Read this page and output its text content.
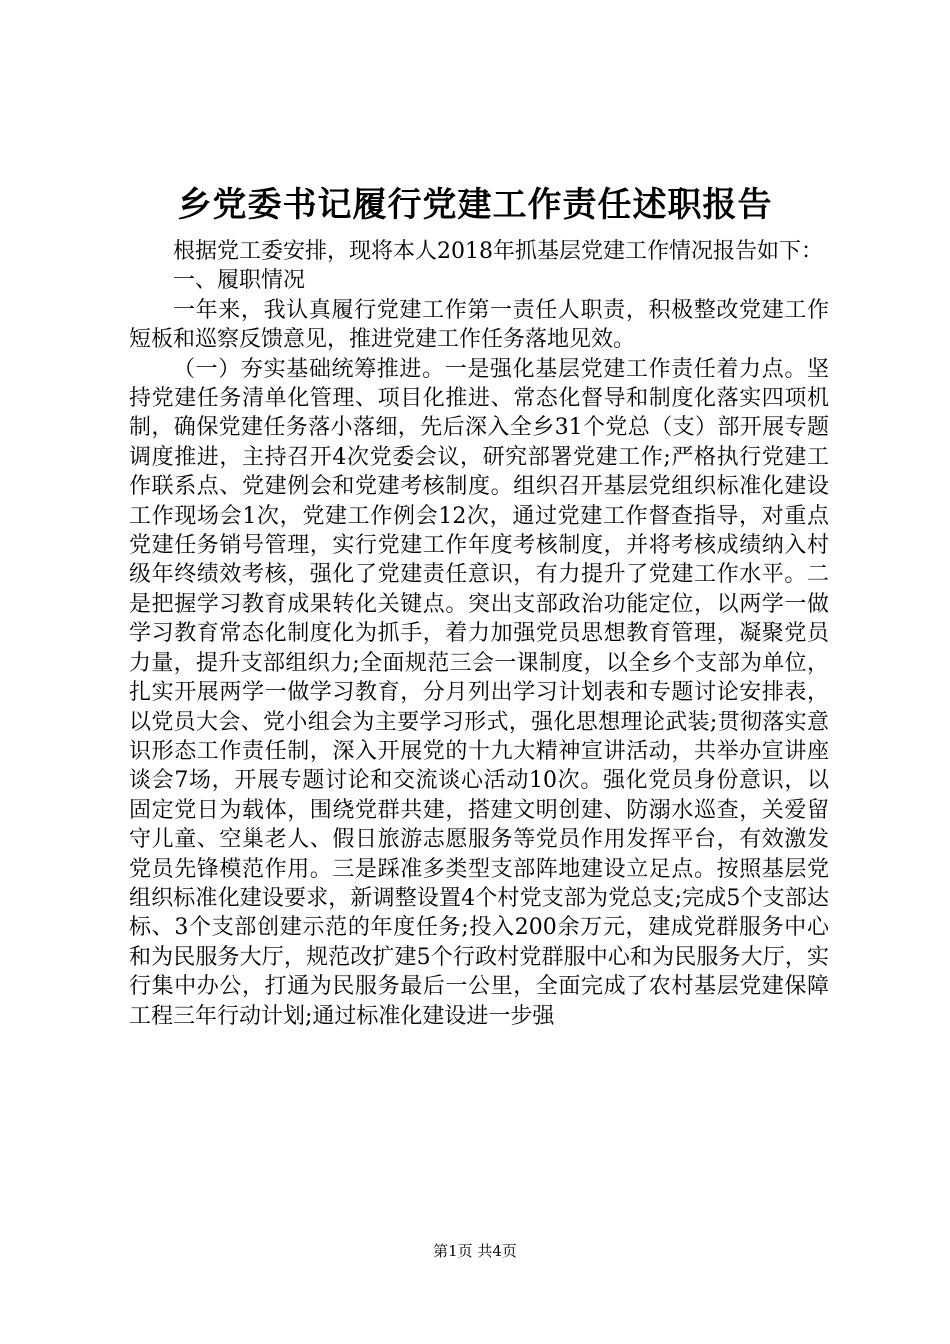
乡党委书记履行党建工作责任述职报告

根据党工委安排，现将本人2018年抓基层党建工作情况报告如下：

一、履职情况

一年来，我认真履行党建工作第一责任人职责，积极整改党建工作短板和巡察反馈意见，推进党建工作任务落地见效。

（一）夯实基础统筹推进。一是强化基层党建工作责任着力点。坚持党建任务清单化管理、项目化推进、常态化督导和制度化落实四项机制，确保党建任务落小落细，先后深入全乡31个党总（支）部开展专题调度推进，主持召开4次党委会议，研究部署党建工作;严格执行党建工作联系点、党建例会和党建考核制度。组织召开基层党组织标准化建设工作现场会1次，党建工作例会12次，通过党建工作督查指导，对重点党建任务销号管理，实行党建工作年度考核制度，并将考核成绩纳入村级年终绩效考核，强化了党建责任意识，有力提升了党建工作水平。二是把握学习教育成果转化关键点。突出支部政治功能定位，以两学一做学习教育常态化制度化为抓手，着力加强党员思想教育管理，凝聚党员力量，提升支部组织力;全面规范三会一课制度，以全乡个支部为单位，扎实开展两学一做学习教育，分月列出学习计划表和专题讨论安排表，以党员大会、党小组会为主要学习形式，强化思想理论武装;贯彻落实意识形态工作责任制，深入开展党的十九大精神宣讲活动，共举办宣讲座谈会7场，开展专题讨论和交流谈心活动10次。强化党员身份意识，以固定党日为载体，围绕党群共建，搭建文明创建、防溺水巡查，关爱留守儿童、空巢老人、假日旅游志愿服务等党员作用发挥平台，有效激发党员先锋模范作用。三是踩准多类型支部阵地建设立足点。按照基层党组织标准化建设要求，新调整设置4个村党支部为党总支;完成5个支部达标、3个支部创建示范的年度任务;投入200余万元，建成党群服务中心和为民服务大厅，规范改扩建5个行政村党群服中心和为民服务大厅，实行集中办公，打通为民服务最后一公里，全面完成了农村基层党建保障工程三年行动计划;通过标准化建设进一步强

第1页 共4页
